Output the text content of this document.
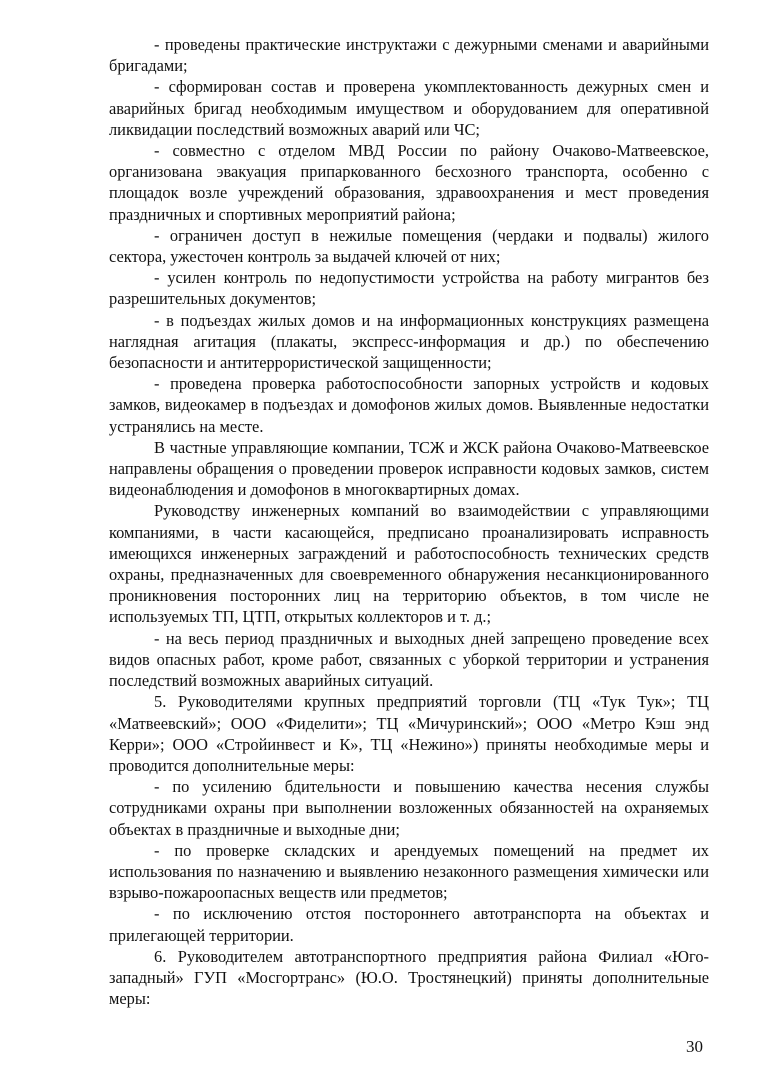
- проведены практические инструктажи с дежурными сменами и аварийными бригадами;

- сформирован состав и проверена укомплектованность дежурных смен и аварийных бригад необходимым имуществом и оборудованием для оперативной ликвидации последствий возможных аварий или ЧС;

- совместно с отделом МВД России по району Очаково-Матвеевское, организована эвакуация припаркованного бесхозного транспорта, особенно с площадок возле учреждений образования, здравоохранения и мест проведения праздничных и спортивных мероприятий района;

- ограничен доступ в нежилые помещения (чердаки и подвалы) жилого сектора, ужесточен контроль за выдачей ключей от них;

- усилен контроль по недопустимости устройства на работу мигрантов без разрешительных документов;

- в подъездах жилых домов и на информационных конструкциях размещена наглядная агитация (плакаты, экспресс-информация и др.) по обеспечению безопасности и антитеррористической защищенности;

- проведена проверка работоспособности запорных устройств и кодовых замков, видеокамер в подъездах и домофонов жилых домов. Выявленные недостатки устранялись на месте.

В частные управляющие компании, ТСЖ и ЖСК района Очаково-Матвеевское направлены обращения о проведении проверок исправности кодовых замков, систем видеонаблюдения и домофонов в многоквартирных домах.

Руководству инженерных компаний во взаимодействии с управляющими компаниями, в части касающейся, предписано проанализировать исправность имеющихся инженерных заграждений и работоспособность технических средств охраны, предназначенных для своевременного обнаружения несанкционированного проникновения посторонних лиц на территорию объектов, в том числе не используемых ТП, ЦТП, открытых коллекторов и т. д.;

- на весь период праздничных и выходных дней запрещено проведение всех видов опасных работ, кроме работ, связанных с уборкой территории и устранения последствий возможных аварийных ситуаций.

5. Руководителями крупных предприятий торговли (ТЦ «Тук Тук»; ТЦ «Матвеевский»; ООО «Фиделити»; ТЦ «Мичуринский»; ООО «Метро Кэш энд Керри»; ООО «Стройинвест и К», ТЦ «Нежино») приняты необходимые меры и проводится дополнительные меры:

- по усилению бдительности и повышению качества несения службы сотрудниками охраны при выполнении возложенных обязанностей на охраняемых объектах в праздничные и выходные дни;

- по проверке складских и арендуемых помещений на предмет их использования по назначению и выявлению незаконного размещения химически или взрыво-пожароопасных веществ или предметов;

- по исключению отстоя постороннего автотранспорта на объектах и прилегающей территории.

6. Руководителем автотранспортного предприятия района Филиал «Юго-западный» ГУП «Мосгортранс» (Ю.О. Тростянецкий) приняты дополнительные меры:

30
